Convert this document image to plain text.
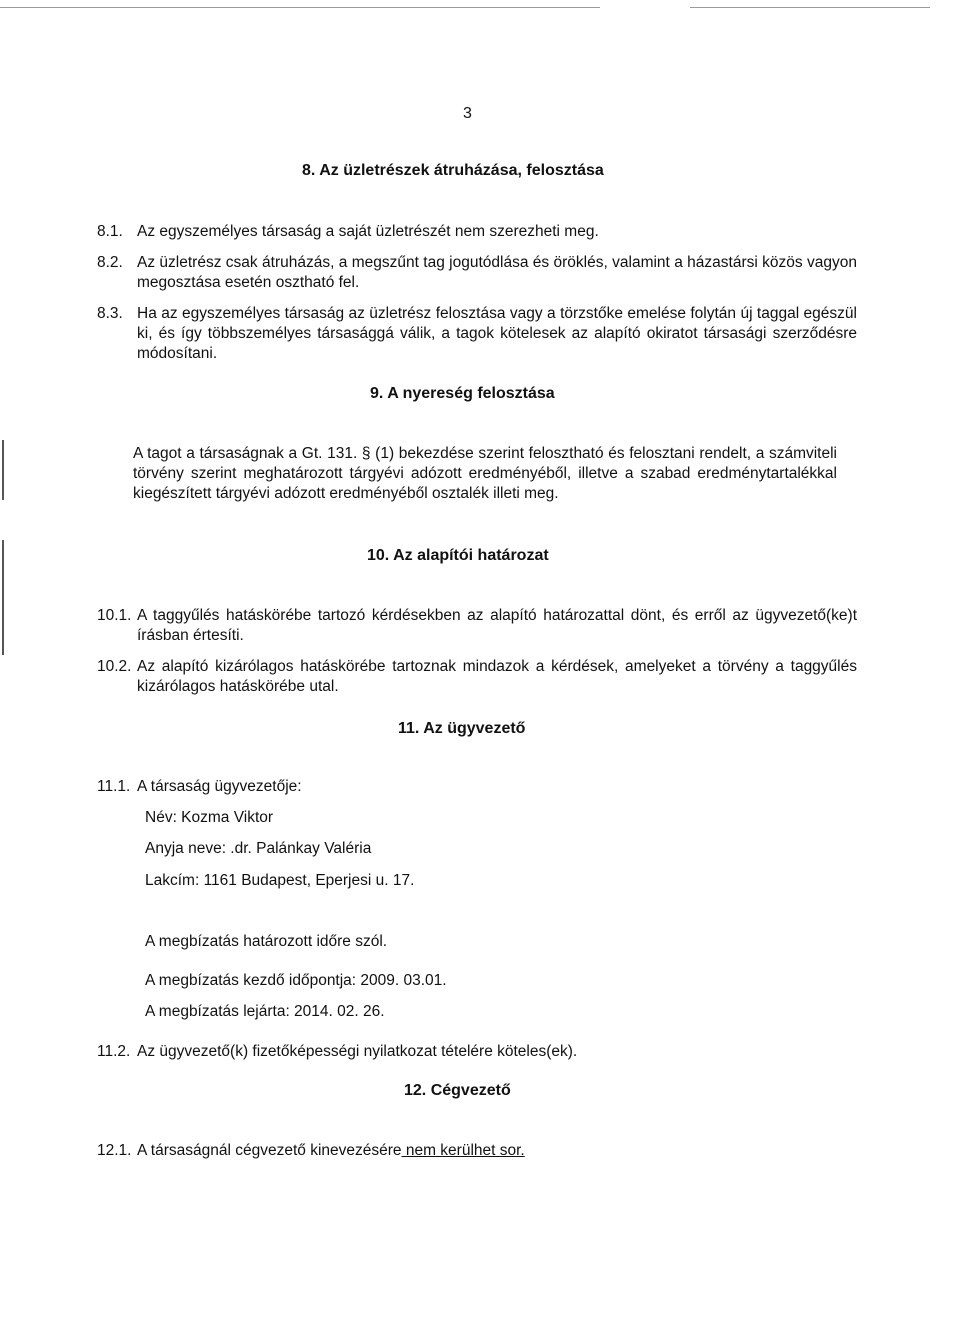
3
8. Az üzletrészek átruházása, felosztása
8.1. Az egyszemélyes társaság a saját üzletrészét nem szerezheti meg.
8.2. Az üzletrész csak átruházás, a megszűnt tag jogutódlása és öröklés, valamint a házastársi közös vagyon megosztása esetén osztható fel.
8.3. Ha az egyszemélyes társaság az üzletrész felosztása vagy a törzstőke emelése folytán új taggal egészül ki, és így többszemélyes társasággá válik, a tagok kötelesek az alapító okiratot társasági szerződésre módosítani.
9. A nyereség felosztása
A tagot a társaságnak a Gt. 131. § (1) bekezdése szerint felosztható és felosztani rendelt, a számviteli törvény szerint meghatározott tárgyévi adózott eredményéből, illetve a szabad eredménytartalékkal kiegészített tárgyévi adózott eredményéből osztalék illeti meg.
10. Az alapítói határozat
10.1. A taggyűlés hatáskörébe tartozó kérdésekben az alapító határozattal dönt, és erről az ügyvezető(ke)t írásban értesíti.
10.2. Az alapító kizárólagos hatáskörébe tartoznak mindazok a kérdések, amelyeket a törvény a taggyűlés kizárólagos hatáskörébe utal.
11. Az ügyvezető
11.1. A társaság ügyvezetője:
Név: Kozma Viktor
Anyja neve: .dr. Palánkay Valéria
Lakcím: 1161 Budapest, Eperjesi u. 17.
A megbízatás határozott időre szól.
A megbízatás kezdő időpontja: 2009. 03.01.
A megbízatás lejárta: 2014. 02. 26.
11.2. Az ügyvezető(k) fizetőképességi nyilatkozat tételére köteles(ek).
12. Cégvezető
12.1. A társaságnál cégvezető kinevezésére nem kerülhet sor.
